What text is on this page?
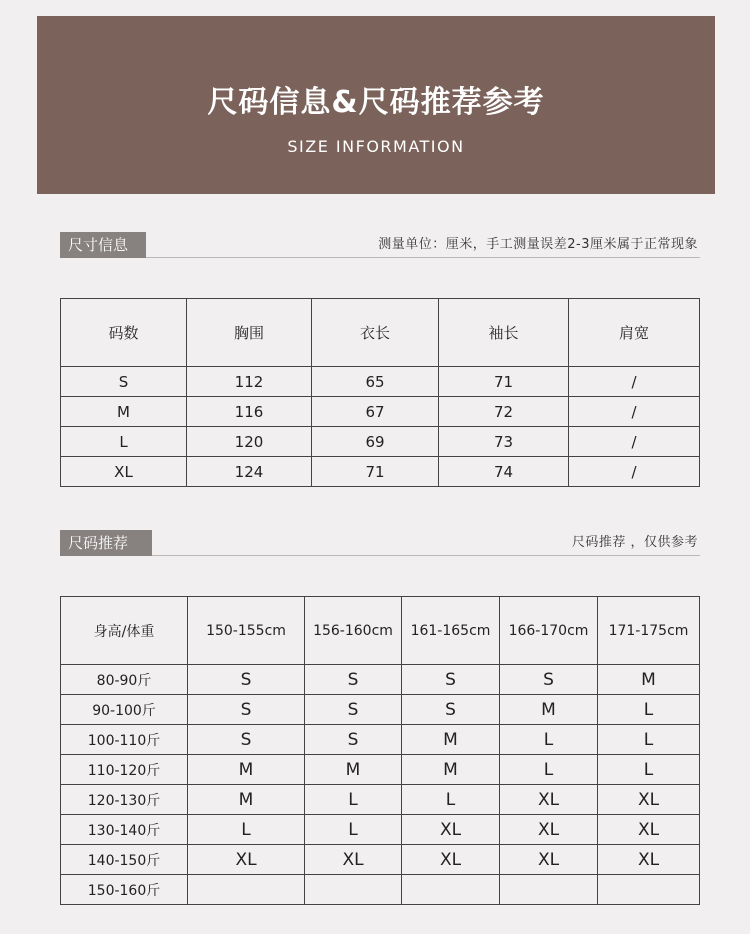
尺码信息&尺码推荐参考
SIZE INFORMATION
尺寸信息	测量单位：厘米，手工测量误差2-3厘米属于正常现象
码数	胸围	衣长	袖长	肩宽
S	112	65	71	/
M	116	67	72	/
L	120	69	73	/
XL	124	71	74	/
尺码推荐	尺码推荐 ，仅供参考
身高/体重	150-155cm	156-160cm	161-165cm	166-170cm	171-175cm
80-90斤	S	S	S	S	M
90-100斤	S	S	S	M	L
100-110斤	S	S	M	L	L
110-120斤	M	M	M	L	L
120-130斤	M	L	L	XL	XL
130-140斤	L	L	XL	XL	XL
140-150斤	XL	XL	XL	XL	XL
150-160斤					
